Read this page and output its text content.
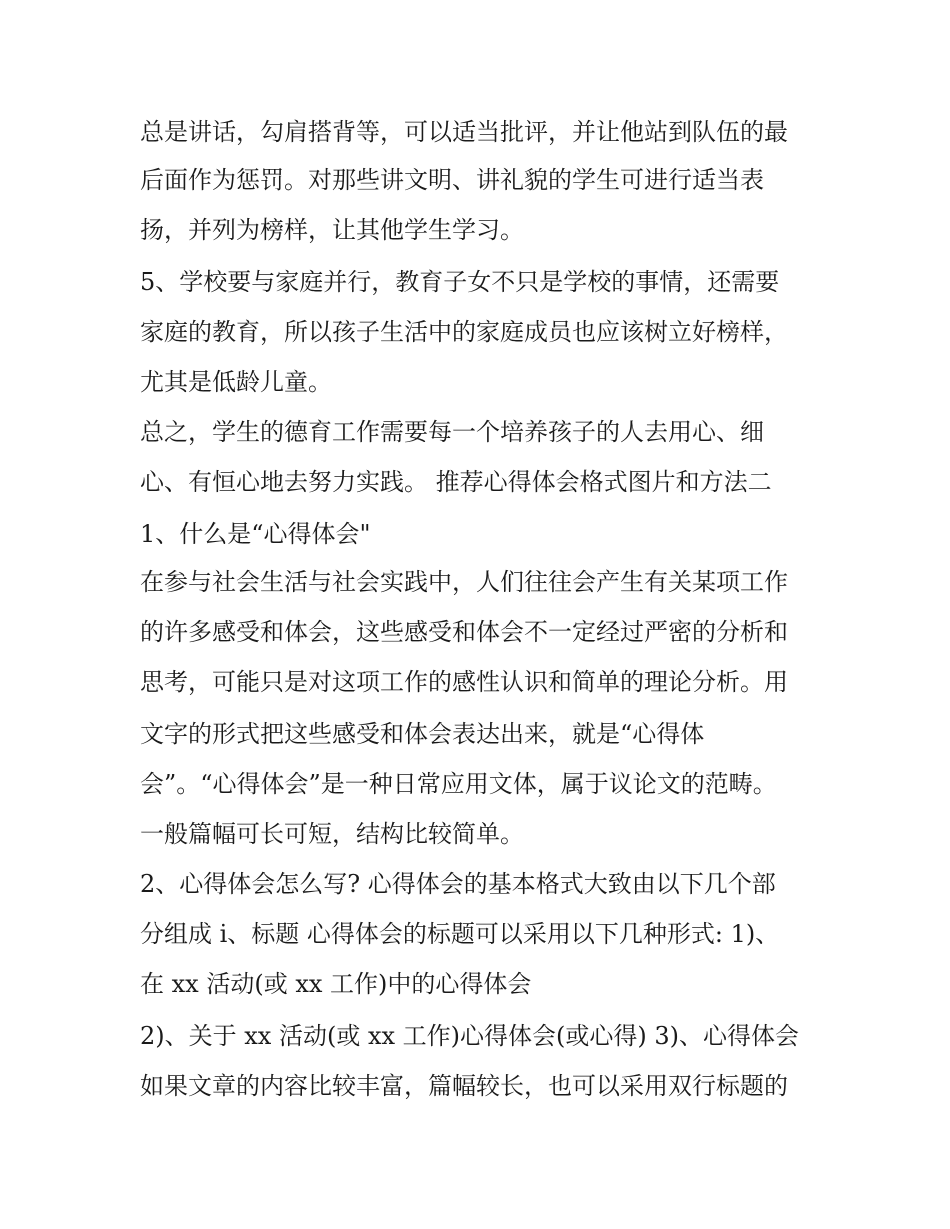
总是讲话，勾肩搭背等，可以适当批评，并让他站到队伍的最
后面作为惩罚。对那些讲文明、讲礼貌的学生可进行适当表
扬，并列为榜样，让其他学生学习。
5、学校要与家庭并行，教育子女不只是学校的事情，还需要
家庭的教育，所以孩子生活中的家庭成员也应该树立好榜样，
尤其是低龄儿童。
总之，学生的德育工作需要每一个培养孩子的人去用心、细
心、有恒心地去努力实践。 推荐心得体会格式图片和方法二
1、什么是“心得体会"
在参与社会生活与社会实践中，人们往往会产生有关某项工作
的许多感受和体会，这些感受和体会不一定经过严密的分析和
思考，可能只是对这项工作的感性认识和简单的理论分析。用
文字的形式把这些感受和体会表达出来，就是“心得体
会”。“心得体会”是一种日常应用文体，属于议论文的范畴。
一般篇幅可长可短，结构比较简单。
2、心得体会怎么写? 心得体会的基本格式大致由以下几个部
分组成 i、标题 心得体会的标题可以采用以下几种形式: 1)、
在 xx 活动(或 xx 工作)中的心得体会
2)、关于 xx 活动(或 xx 工作)心得体会(或心得) 3)、心得体会
如果文章的内容比较丰富，篇幅较长，也可以采用双行标题的
